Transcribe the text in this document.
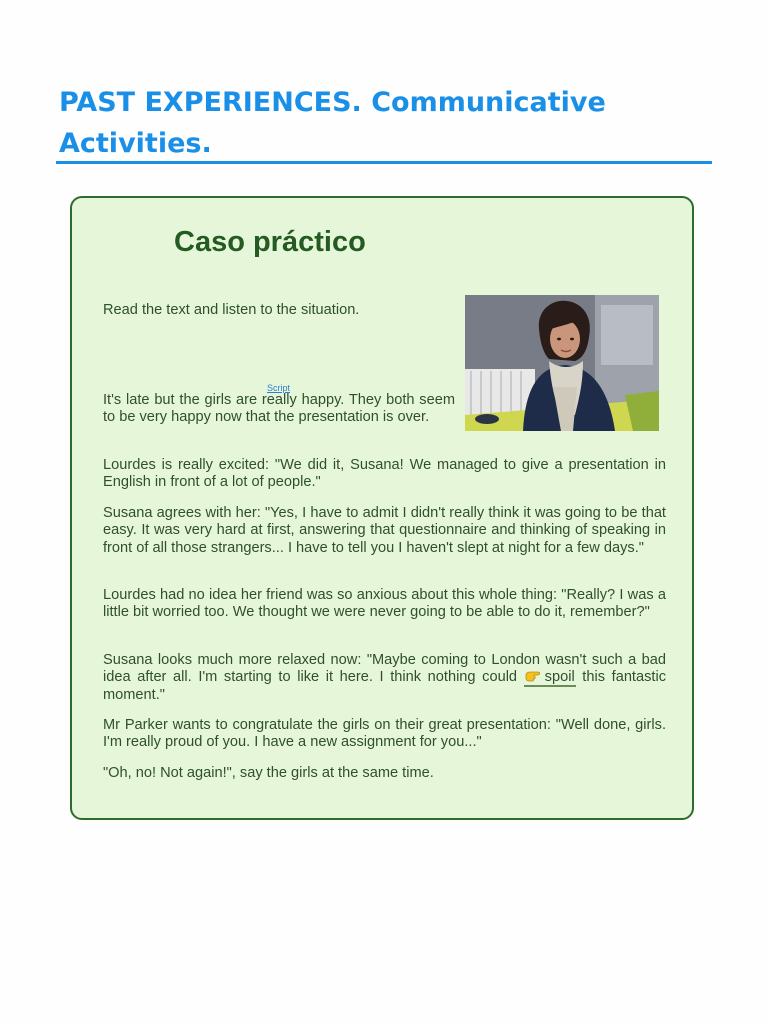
PAST EXPERIENCES. Communicative Activities.
Caso práctico

Read the text and listen to the situation.

Script

It's late but the girls are really happy. They both seem to be very happy now that the presentation is over.

Lourdes is really excited: "We did it, Susana! We managed to give a presentation in English in front of a lot of people."

Susana agrees with her: "Yes, I have to admit I didn't really think it was going to be that easy. It was very hard at first, answering that questionnaire and thinking of speaking in front of all those strangers... I have to tell you I haven't slept at night for a few days."

Lourdes had no idea her friend was so anxious about this whole thing: "Really? I was a little bit worried too. We thought we were never going to be able to do it, remember?"

Susana looks much more relaxed now: "Maybe coming to London wasn't such a bad idea after all. I'm starting to like it here. I think nothing could spoil this fantastic moment."

Mr Parker wants to congratulate the girls on their great presentation: "Well done, girls. I'm really proud of you. I have a new assignment for you..."

"Oh, no! Not again!", say the girls at the same time.
